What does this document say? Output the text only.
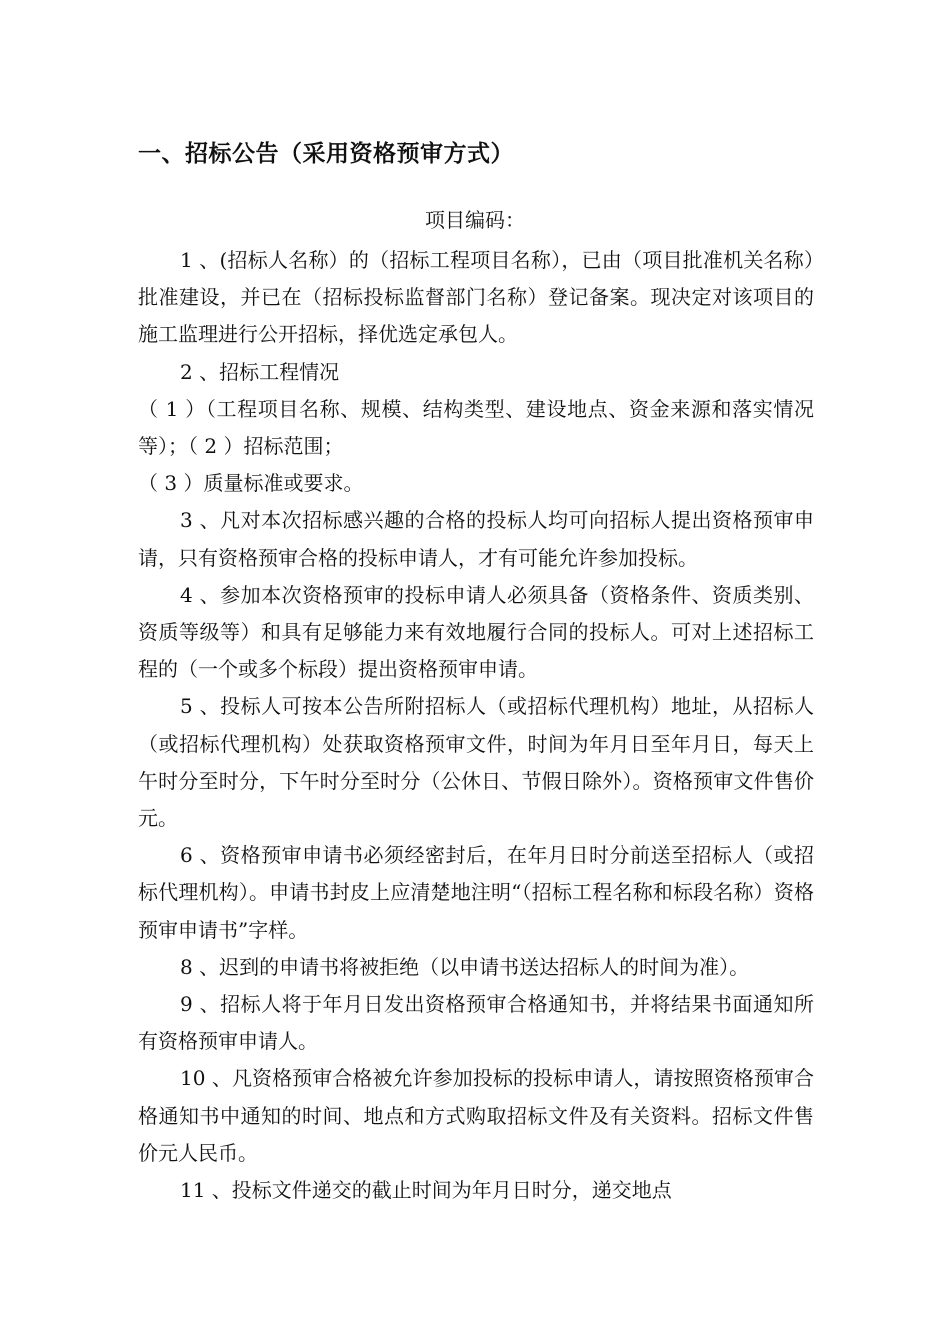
一、招标公告（采用资格预审方式）
项目编码：

1 、(招标人名称）的（招标工程项目名称），已由（项目批准机关名称）批准建设，并已在（招标投标监督部门名称）登记备案。现决定对该项目的施工监理进行公开招标，择优选定承包人。

2 、招标工程情况

（ 1 ）（工程项目名称、规模、结构类型、建设地点、资金来源和落实情况等）；（ 2 ）招标范围；

（ 3 ）质量标准或要求。

3 、凡对本次招标感兴趣的合格的投标人均可向招标人提出资格预审申请，只有资格预审合格的投标申请人，才有可能允许参加投标。

4 、参加本次资格预审的投标申请人必须具备（资格条件、资质类别、资质等级等）和具有足够能力来有效地履行合同的投标人。可对上述招标工程的（一个或多个标段）提出资格预审申请。

5 、投标人可按本公告所附招标人（或招标代理机构）地址，从招标人（或招标代理机构）处获取资格预审文件，时间为年月日至年月日，每天上午时分至时分，下午时分至时分（公休日、节假日除外）。资格预审文件售价元。

6 、资格预审申请书必须经密封后，在年月日时分前送至招标人（或招标代理机构）。申请书封皮上应清楚地注明“（招标工程名称和标段名称）资格预审申请书”字样。

8 、迟到的申请书将被拒绝（以申请书送达招标人的时间为准）。

9 、招标人将于年月日发出资格预审合格通知书，并将结果书面通知所有资格预审申请人。

10 、凡资格预审合格被允许参加投标的投标申请人，请按照资格预审合格通知书中通知的时间、地点和方式购取招标文件及有关资料。招标文件售价元人民币。

11 、投标文件递交的截止时间为年月日时分，递交地点
